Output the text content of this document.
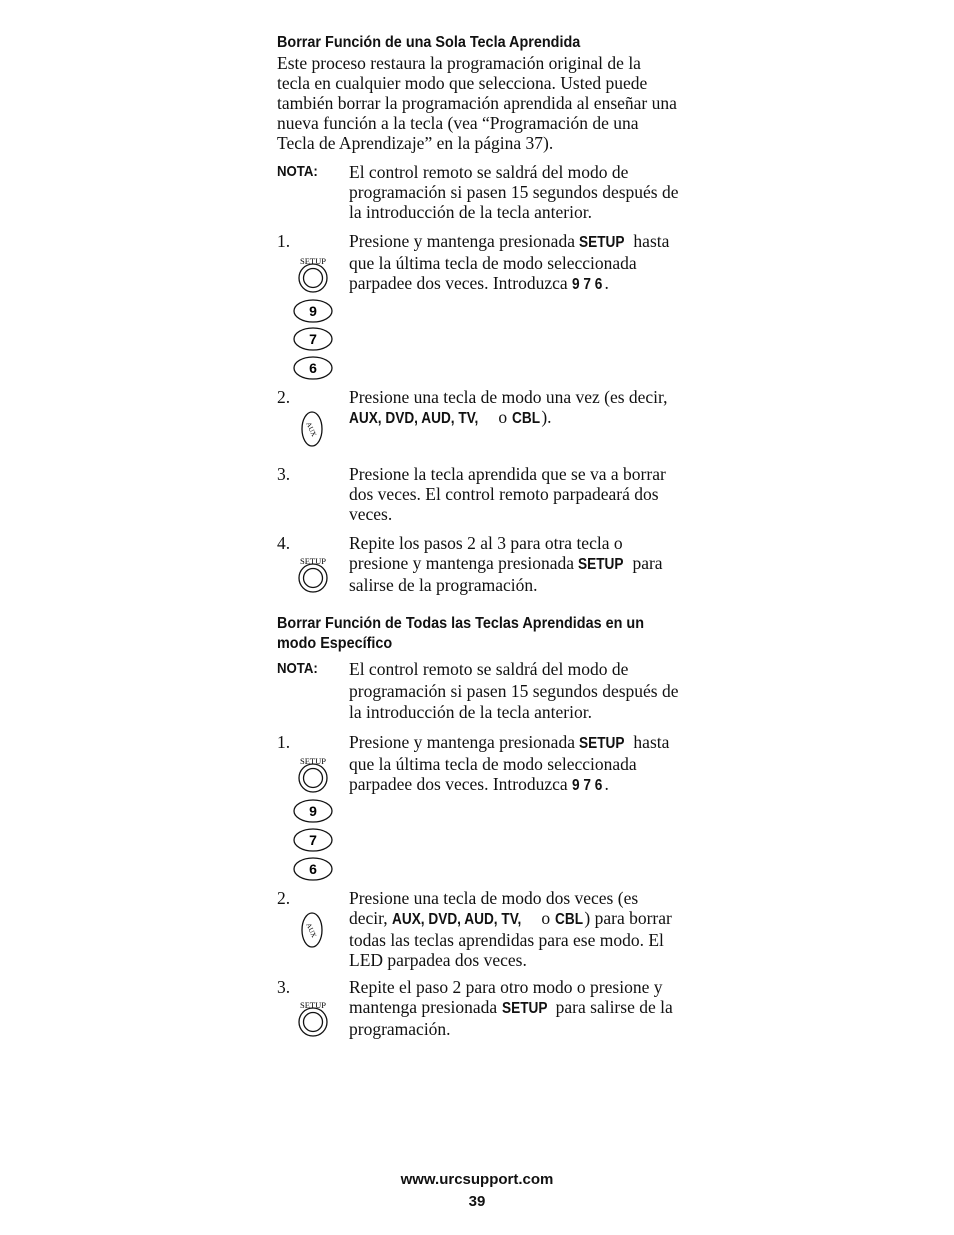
Borrar Función de una Sola Tecla Aprendida
Este proceso restaura la programación original de la tecla en cualquier modo que selecciona. Usted puede también borrar la programación aprendida al enseñar una nueva función a la tecla (vea “Programación de una Tecla de Aprendizaje” en la página 37).
NOTA: El control remoto se saldrá del modo de programación si pasen 15 segundos después de la introducción de la tecla anterior.
1.	Presione y mantenga presionada SETUP hasta que la última tecla de modo seleccionada parpadee dos veces. Introduzca 9 7 6 .
SETUP
9
7
6
2.	Presione una tecla de modo una vez (es decir, AUX, DVD, AUD, TV, o CBL ).
AUX
3.	Presione la tecla aprendida que se va a borrar dos veces. El control remoto parpadeará dos veces.
4.	Repite los pasos 2 al 3 para otra tecla o presione y mantenga presionada SETUP para salirse de la programación.
SETUP
Borrar Función de Todas las Teclas Aprendidas en un modo Específico
NOTA: El control remoto se saldrá del modo de programación si pasen 15 segundos después de la introducción de la tecla anterior.
1.	Presione y mantenga presionada SETUP hasta que la última tecla de modo seleccionada parpadee dos veces. Introduzca 9 7 6 .
SETUP
9
7
6
2.	Presione una tecla de modo dos veces (es decir, AUX, DVD, AUD, TV, o CBL ) para borrar todas las teclas aprendidas para ese modo. El LED parpadea dos veces.
AUX
3.	Repite el paso 2 para otro modo o presione y mantenga presionada SETUP para salirse de la programación.
SETUP
www.urcsupport.com
39
